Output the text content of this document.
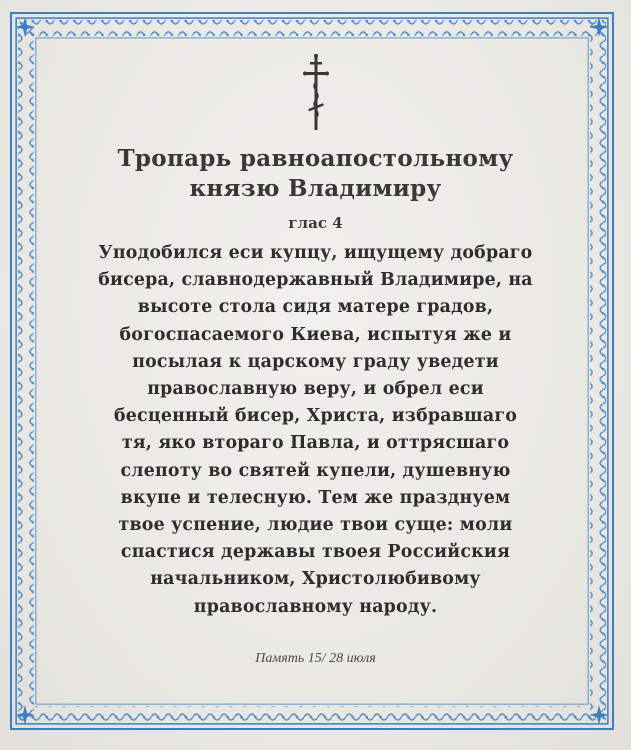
Тропарь равноапостольному
князю Владимиру
глас 4

Уподобился еси купцу, ищущему добраго
бисера, славнодержавный Владимире, на
высоте стола сидя матере градов,
богоспасаемого Киева, испытуя же и
посылая к царскому граду уведети
православную веру, и обрел еси
бесценный бисер, Христа, избравшаго
тя, яко втораго Павла, и оттрясшаго
слепоту во святей купели, душевную
вкупе и телесную. Тем же празднуем
твое успение, людие твои суще: моли
спастися державы твоея Российския
начальником, Христолюбивому
православному народу.

Память 15/ 28 июля
